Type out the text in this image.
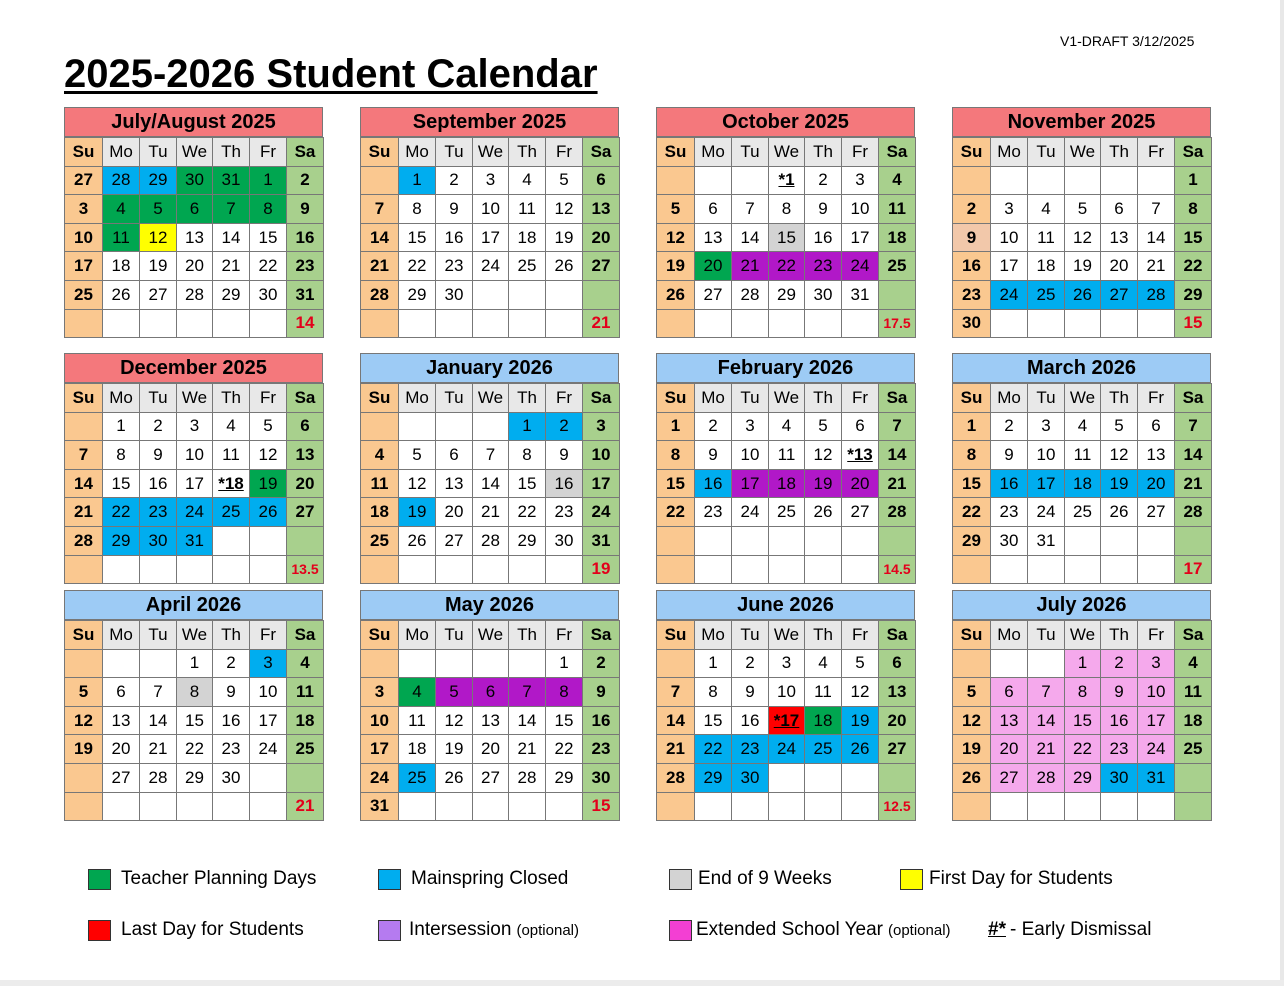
V1-DRAFT 3/12/2025
2025-2026 Student Calendar
July/August 2025
Su	Mo	Tu	We	Th	Fr	Sa
27	28	29	30	31	1	2
3	4	5	6	7	8	9
10	11	12	13	14	15	16
17	18	19	20	21	22	23
25	26	27	28	29	30	31
						14
September 2025
Su	Mo	Tu	We	Th	Fr	Sa
	1	2	3	4	5	6
7	8	9	10	11	12	13
14	15	16	17	18	19	20
21	22	23	24	25	26	27
28	29	30				
						21
October 2025
Su	Mo	Tu	We	Th	Fr	Sa
			*1	2	3	4
5	6	7	8	9	10	11
12	13	14	15	16	17	18
19	20	21	22	23	24	25
26	27	28	29	30	31	
						17.5
November 2025
Su	Mo	Tu	We	Th	Fr	Sa
						1
2	3	4	5	6	7	8
9	10	11	12	13	14	15
16	17	18	19	20	21	22
23	24	25	26	27	28	29
30						15
December 2025
Su	Mo	Tu	We	Th	Fr	Sa
	1	2	3	4	5	6
7	8	9	10	11	12	13
14	15	16	17	*18	19	20
21	22	23	24	25	26	27
28	29	30	31			
						13.5
January 2026
Su	Mo	Tu	We	Th	Fr	Sa
				1	2	3
4	5	6	7	8	9	10
11	12	13	14	15	16	17
18	19	20	21	22	23	24
25	26	27	28	29	30	31
						19
February 2026
Su	Mo	Tu	We	Th	Fr	Sa
1	2	3	4	5	6	7
8	9	10	11	12	*13	14
15	16	17	18	19	20	21
22	23	24	25	26	27	28

						14.5
March 2026
Su	Mo	Tu	We	Th	Fr	Sa
1	2	3	4	5	6	7
8	9	10	11	12	13	14
15	16	17	18	19	20	21
22	23	24	25	26	27	28
29	30	31				
						17
April 2026
Su	Mo	Tu	We	Th	Fr	Sa
			1	2	3	4
5	6	7	8	9	10	11
12	13	14	15	16	17	18
19	20	21	22	23	24	25
	27	28	29	30		
						21
May 2026
Su	Mo	Tu	We	Th	Fr	Sa
					1	2
3	4	5	6	7	8	9
10	11	12	13	14	15	16
17	18	19	20	21	22	23
24	25	26	27	28	29	30
31						15
June 2026
Su	Mo	Tu	We	Th	Fr	Sa
	1	2	3	4	5	6
7	8	9	10	11	12	13
14	15	16	*17	18	19	20
21	22	23	24	25	26	27
28	29	30				
						12.5
July 2026
Su	Mo	Tu	We	Th	Fr	Sa
			1	2	3	4
5	6	7	8	9	10	11
12	13	14	15	16	17	18
19	20	21	22	23	24	25
26	27	28	29	30	31	

Teacher Planning Days	Mainspring Closed	End of 9 Weeks	First Day for Students
Last Day for Students	Intersession (optional)	Extended School Year (optional) #* - Early Dismissal
